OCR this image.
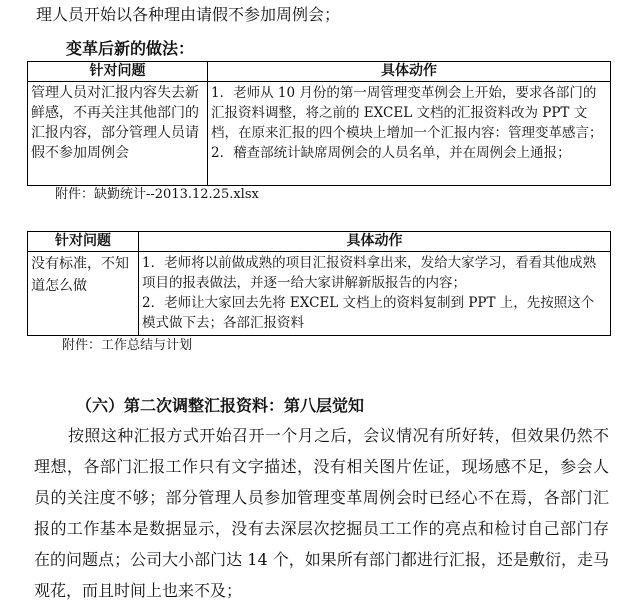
理人员开始以各种理由请假不参加周例会；
变革后新的做法：
针对问题	具体动作

管理人员对汇报内容失去新鲜感，不再关注其他部门的汇报内容，部分管理人员请假不参加周例会	1．老师从 10 月份的第一周管理变革例会上开始，要求各部门的汇报资料调整，将之前的 EXCEL 文档的汇报资料改为 PPT 文档，在原来汇报的四个模块上增加一个汇报内容：管理变革感言；
2．稽查部统计缺席周例会的人员名单，并在周例会上通报；
附件：缺勤统计--2013.12.25.xlsx
针对问题	具体动作

没有标准，不知道怎么做	1．老师将以前做成熟的项目汇报资料拿出来，发给大家学习，看看其他成熟项目的报表做法，并逐一给大家讲解新版报告的内容；
2．老师让大家回去先将 EXCEL 文档上的资料复制到 PPT 上，先按照这个模式做下去；各部汇报资料
附件：工作总结与计划
（六）第二次调整汇报资料：第八层觉知
按照这种汇报方式开始召开一个月之后，会议情况有所好转，但效果仍然不理想，各部门汇报工作只有文字描述，没有相关图片佐证，现场感不足，参会人员的关注度不够；部分管理人员参加管理变革周例会时已经心不在焉，各部门汇报的工作基本是数据显示，没有去深层次挖掘员工工作的亮点和检讨自己部门存在的问题点；公司大小部门达 14 个，如果所有部门都进行汇报，还是敷衍，走马观花，而且时间上也来不及；
